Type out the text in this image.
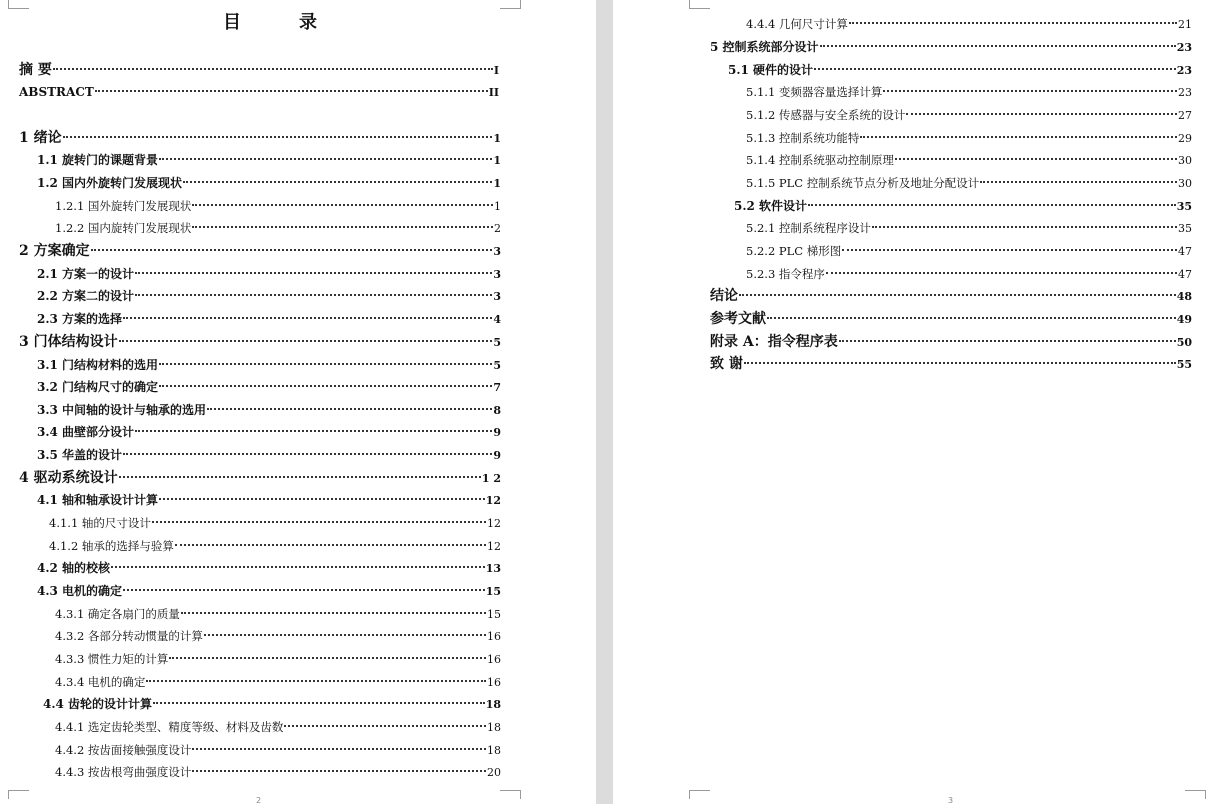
目　录
摘 要	I
ABSTRACT	II
1 绪论	1
1.1 旋转门的课题背景	1
1.2 国内外旋转门发展现状	1
1.2.1 国外旋转门发展现状	1
1.2.2 国内旋转门发展现状	2
2 方案确定	3
2.1 方案一的设计	3
2.2 方案二的设计	3
2.3 方案的选择	4
3 门体结构设计	5
3.1 门结构材料的选用	5
3.2 门结构尺寸的确定	7
3.3 中间轴的设计与轴承的选用	8
3.4 曲壁部分设计	9
3.5 华盖的设计	9
4 驱动系统设计	1 2
4.1 轴和轴承设计计算	12
4.1.1 轴的尺寸设计	12
4.1.2 轴承的选择与验算	12
4.2 轴的校核	13
4.3 电机的确定	15
4.3.1 确定各扇门的质量	15
4.3.2 各部分转动惯量的计算	16
4.3.3 惯性力矩的计算	16
4.3.4 电机的确定	16
4.4 齿轮的设计计算	18
4.4.1 选定齿轮类型、精度等级、材料及齿数	18
4.4.2 按齿面接触强度设计	18
4.4.3 按齿根弯曲强度设计	20
2
4.4.4 几何尺寸计算	21
5 控制系统部分设计	23
5.1 硬件的设计	23
5.1.1 变频器容量选择计算	23
5.1.2 传感器与安全系统的设计	27
5.1.3 控制系统功能特	29
5.1.4 控制系统驱动控制原理	30
5.1.5 PLC 控制系统节点分析及地址分配设计	30
5.2 软件设计	35
5.2.1 控制系统程序设计	35
5.2.2 PLC 梯形图	47
5.2.3 指令程序	47
结论	48
参考文献	49
附录 A：指令程序表	50
致 谢	55
3
